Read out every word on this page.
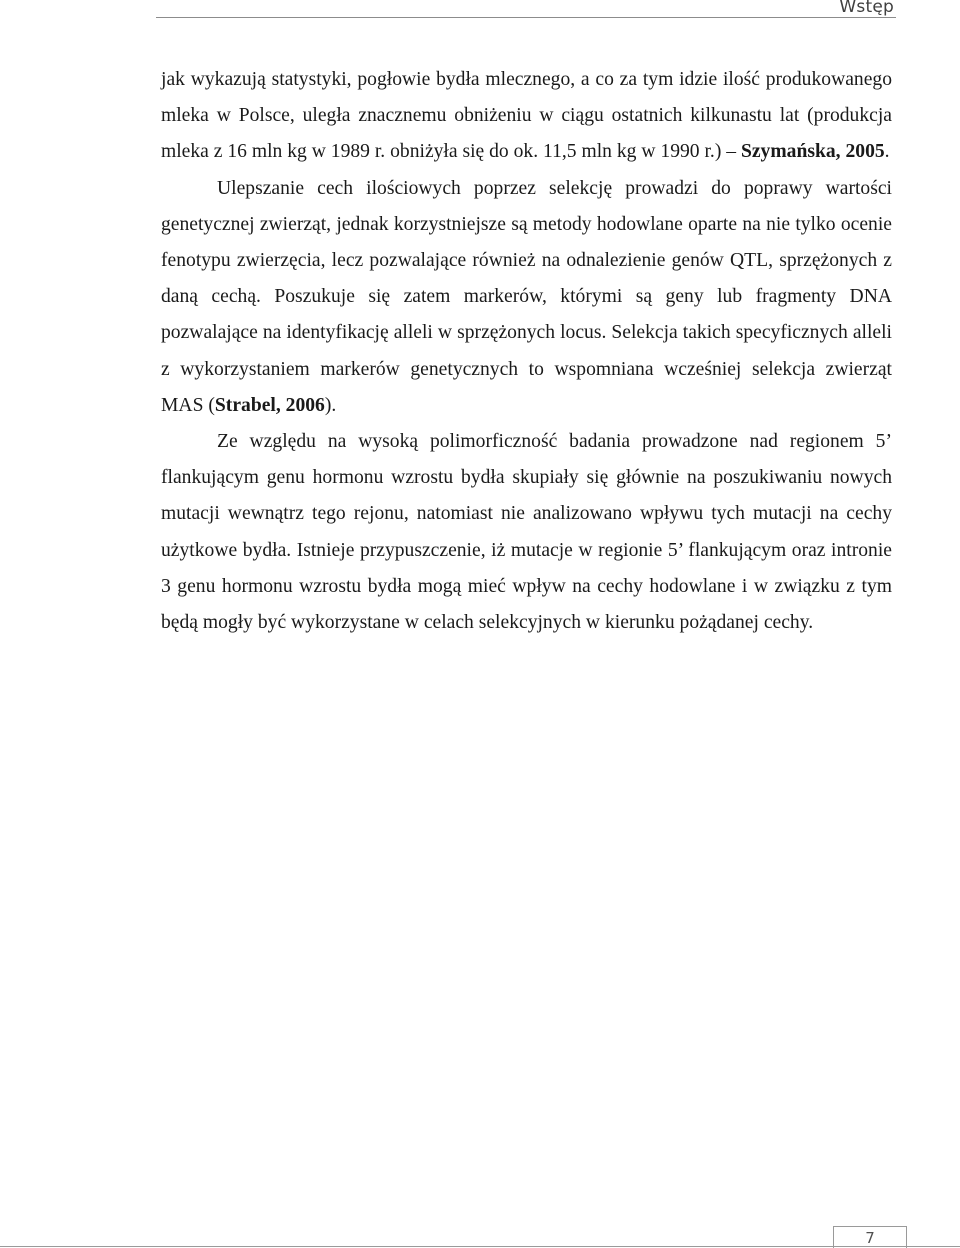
Wstęp

jak wykazują statystyki, pogłowie bydła mlecznego, a co za tym idzie ilość produkowanego mleka w Polsce, uległa znacznemu obniżeniu w ciągu ostatnich kilkunastu lat (produkcja mleka z 16 mln kg w 1989 r. obniżyła się do ok. 11,5 mln kg w 1990 r.) – Szymańska, 2005.

Ulepszanie cech ilościowych poprzez selekcję prowadzi do poprawy wartości genetycznej zwierząt, jednak korzystniejsze są metody hodowlane oparte na nie tylko ocenie fenotypu zwierzęcia, lecz pozwalające również na odnalezienie genów QTL, sprzężonych z daną cechą. Poszukuje się zatem markerów, którymi są geny lub fragmenty DNA pozwalające na identyfikację alleli w sprzężonych locus. Selekcja takich specyficznych alleli z wykorzystaniem markerów genetycznych to wspomniana wcześniej selekcja zwierząt MAS (Strabel, 2006).

Ze względu na wysoką polimorficzność badania prowadzone nad regionem 5’ flankującym genu hormonu wzrostu bydła skupiały się głównie na poszukiwaniu nowych mutacji wewnątrz tego rejonu, natomiast nie analizowano wpływu tych mutacji na cechy użytkowe bydła. Istnieje przypuszczenie, iż mutacje w regionie 5’ flankującym oraz intronie 3 genu hormonu wzrostu bydła mogą mieć wpływ na cechy hodowlane i w związku z tym będą mogły być wykorzystane w celach selekcyjnych w kierunku pożądanej cechy.

7
